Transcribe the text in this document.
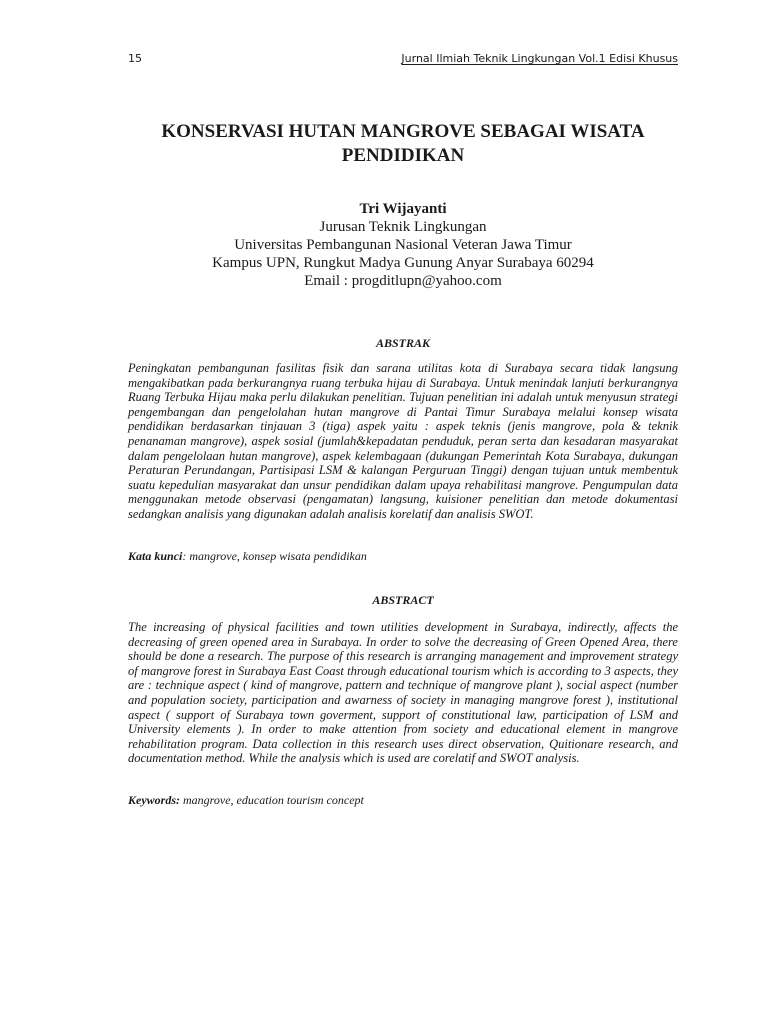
15	Jurnal Ilmiah Teknik Lingkungan Vol.1 Edisi Khusus
KONSERVASI HUTAN MANGROVE SEBAGAI WISATA PENDIDIKAN
Tri Wijayanti
Jurusan Teknik Lingkungan
Universitas Pembangunan Nasional Veteran Jawa Timur
Kampus UPN, Rungkut Madya Gunung Anyar Surabaya 60294
Email : progditlupn@yahoo.com
ABSTRAK

Peningkatan pembangunan fasilitas fisik dan sarana utilitas kota di Surabaya secara tidak langsung mengakibatkan pada berkurangnya ruang terbuka hijau di Surabaya. Untuk menindak lanjuti berkurangnya Ruang Terbuka Hijau maka perlu dilakukan penelitian. Tujuan penelitian ini adalah untuk menyusun strategi pengembangan dan pengelolahan hutan mangrove di Pantai Timur Surabaya melalui konsep wisata pendidikan berdasarkan tinjauan 3 (tiga) aspek yaitu : aspek teknis (jenis mangrove, pola & teknik penanaman mangrove), aspek sosial (jumlah&kepadatan penduduk, peran serta dan kesadaran masyarakat dalam pengelolaan hutan mangrove), aspek kelembagaan (dukungan Pemerintah Kota Surabaya, dukungan Peraturan Perundangan, Partisipasi LSM & kalangan Perguruan Tinggi) dengan tujuan untuk membentuk suatu kepedulian masyarakat dan unsur pendidikan dalam upaya rehabilitasi mangrove. Pengumpulan data menggunakan metode observasi (pengamatan) langsung, kuisioner penelitian dan metode dokumentasi sedangkan analisis yang digunakan adalah analisis korelatif dan analisis SWOT.

Kata kunci: mangrove, konsep wisata pendidikan
ABSTRACT

The increasing of physical facilities and town utilities development in Surabaya, indirectly, affects the decreasing of green opened area in Surabaya. In order to solve the decreasing of Green Opened Area, there should be done a research. The purpose of this research is arranging management and improvement strategy of mangrove forest in Surabaya East Coast through educational tourism which is according to 3 aspects, they are : technique aspect ( kind of mangrove, pattern and technique of mangrove plant ), social aspect (number and population society, participation and awarness of society in managing mangrove forest ), institutional aspect ( support of Surabaya town goverment, support of constitutional law, participation of LSM and University elements ). In order to make attention from society and educational element in mangrove rehabilitation program. Data collection in this research uses direct observation, Quitionare research, and documentation method. While the analysis which is used are corelatif and SWOT analysis.

Keywords: mangrove, education tourism concept
